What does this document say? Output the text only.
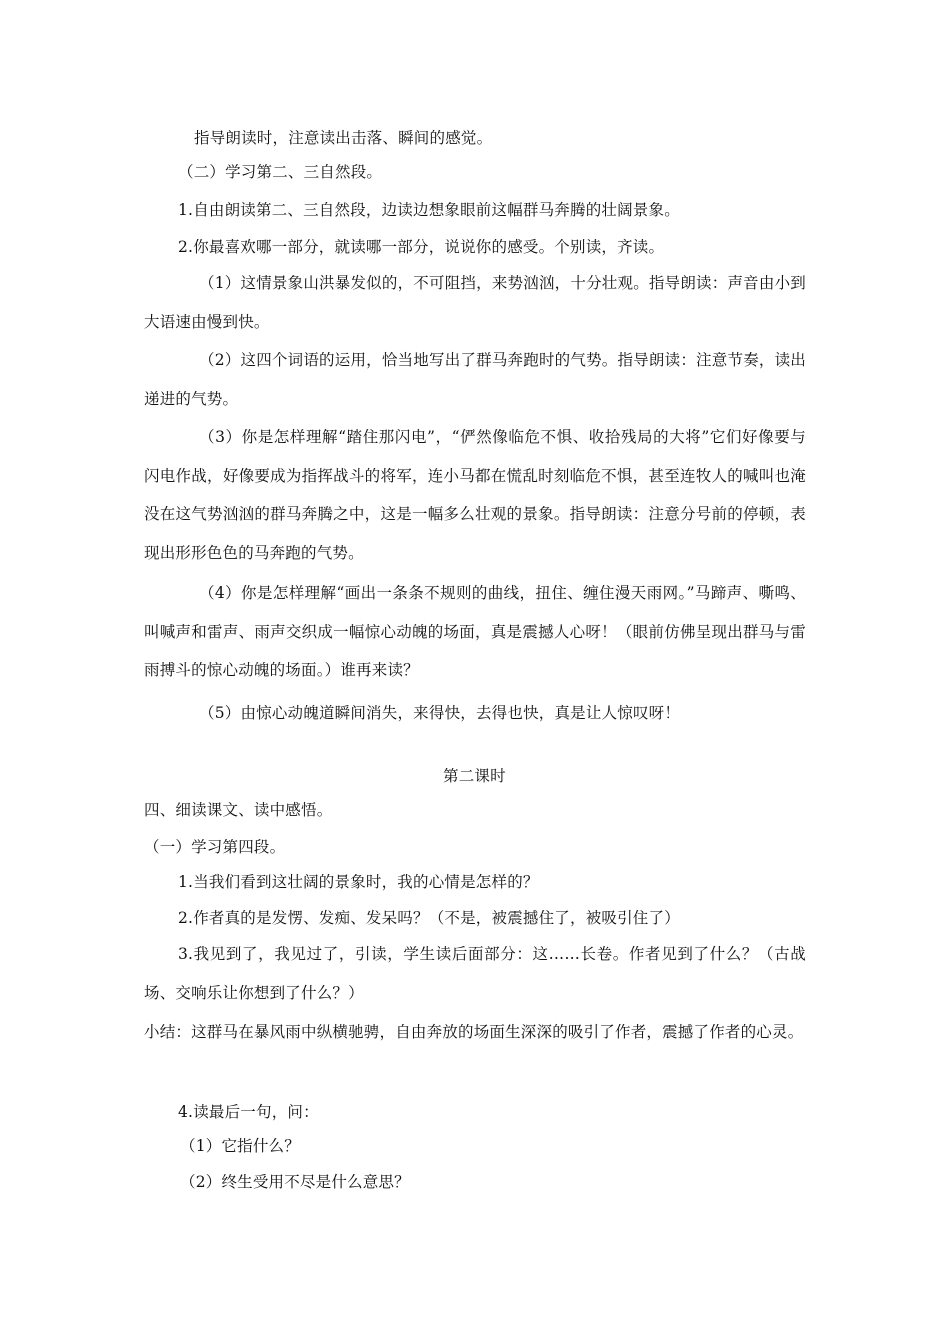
指导朗读时，注意读出击落、瞬间的感觉。
（二）学习第二、三自然段。
1.自由朗读第二、三自然段，边读边想象眼前这幅群马奔腾的壮阔景象。
2.你最喜欢哪一部分，就读哪一部分，说说你的感受。个别读，齐读。
（1）这情景象山洪暴发似的，不可阻挡，来势汹汹，十分壮观。指导朗读：声音由小到大语速由慢到快。
（2）这四个词语的运用，恰当地写出了群马奔跑时的气势。指导朗读：注意节奏，读出递进的气势。
（3）你是怎样理解“踏住那闪电”，“俨然像临危不惧、收拾残局的大将”它们好像要与闪电作战，好像要成为指挥战斗的将军，连小马都在慌乱时刻临危不惧，甚至连牧人的喊叫也淹没在这气势汹汹的群马奔腾之中，这是一幅多么壮观的景象。指导朗读：注意分号前的停顿，表现出形形色色的马奔跑的气势。
（4）你是怎样理解“画出一条条不规则的曲线，扭住、缠住漫天雨网。”马蹄声、嘶鸣、叫喊声和雷声、雨声交织成一幅惊心动魄的场面，真是震撼人心呀！（眼前仿佛呈现出群马与雷雨搏斗的惊心动魄的场面。）谁再来读？
（5）由惊心动魄道瞬间消失，来得快，去得也快，真是让人惊叹呀！
第二课时
四、细读课文、读中感悟。
（一）学习第四段。
1.当我们看到这壮阔的景象时，我的心情是怎样的？
2.作者真的是发愣、发痴、发呆吗？（不是，被震撼住了，被吸引住了）
3.我见到了，我见过了，引读，学生读后面部分：这……长卷。作者见到了什么？（古战场、交响乐让你想到了什么？）
小结：这群马在暴风雨中纵横驰骋，自由奔放的场面生深深的吸引了作者，震撼了作者的心灵。
4.读最后一句，问：
（1）它指什么？
（2）终生受用不尽是什么意思？
